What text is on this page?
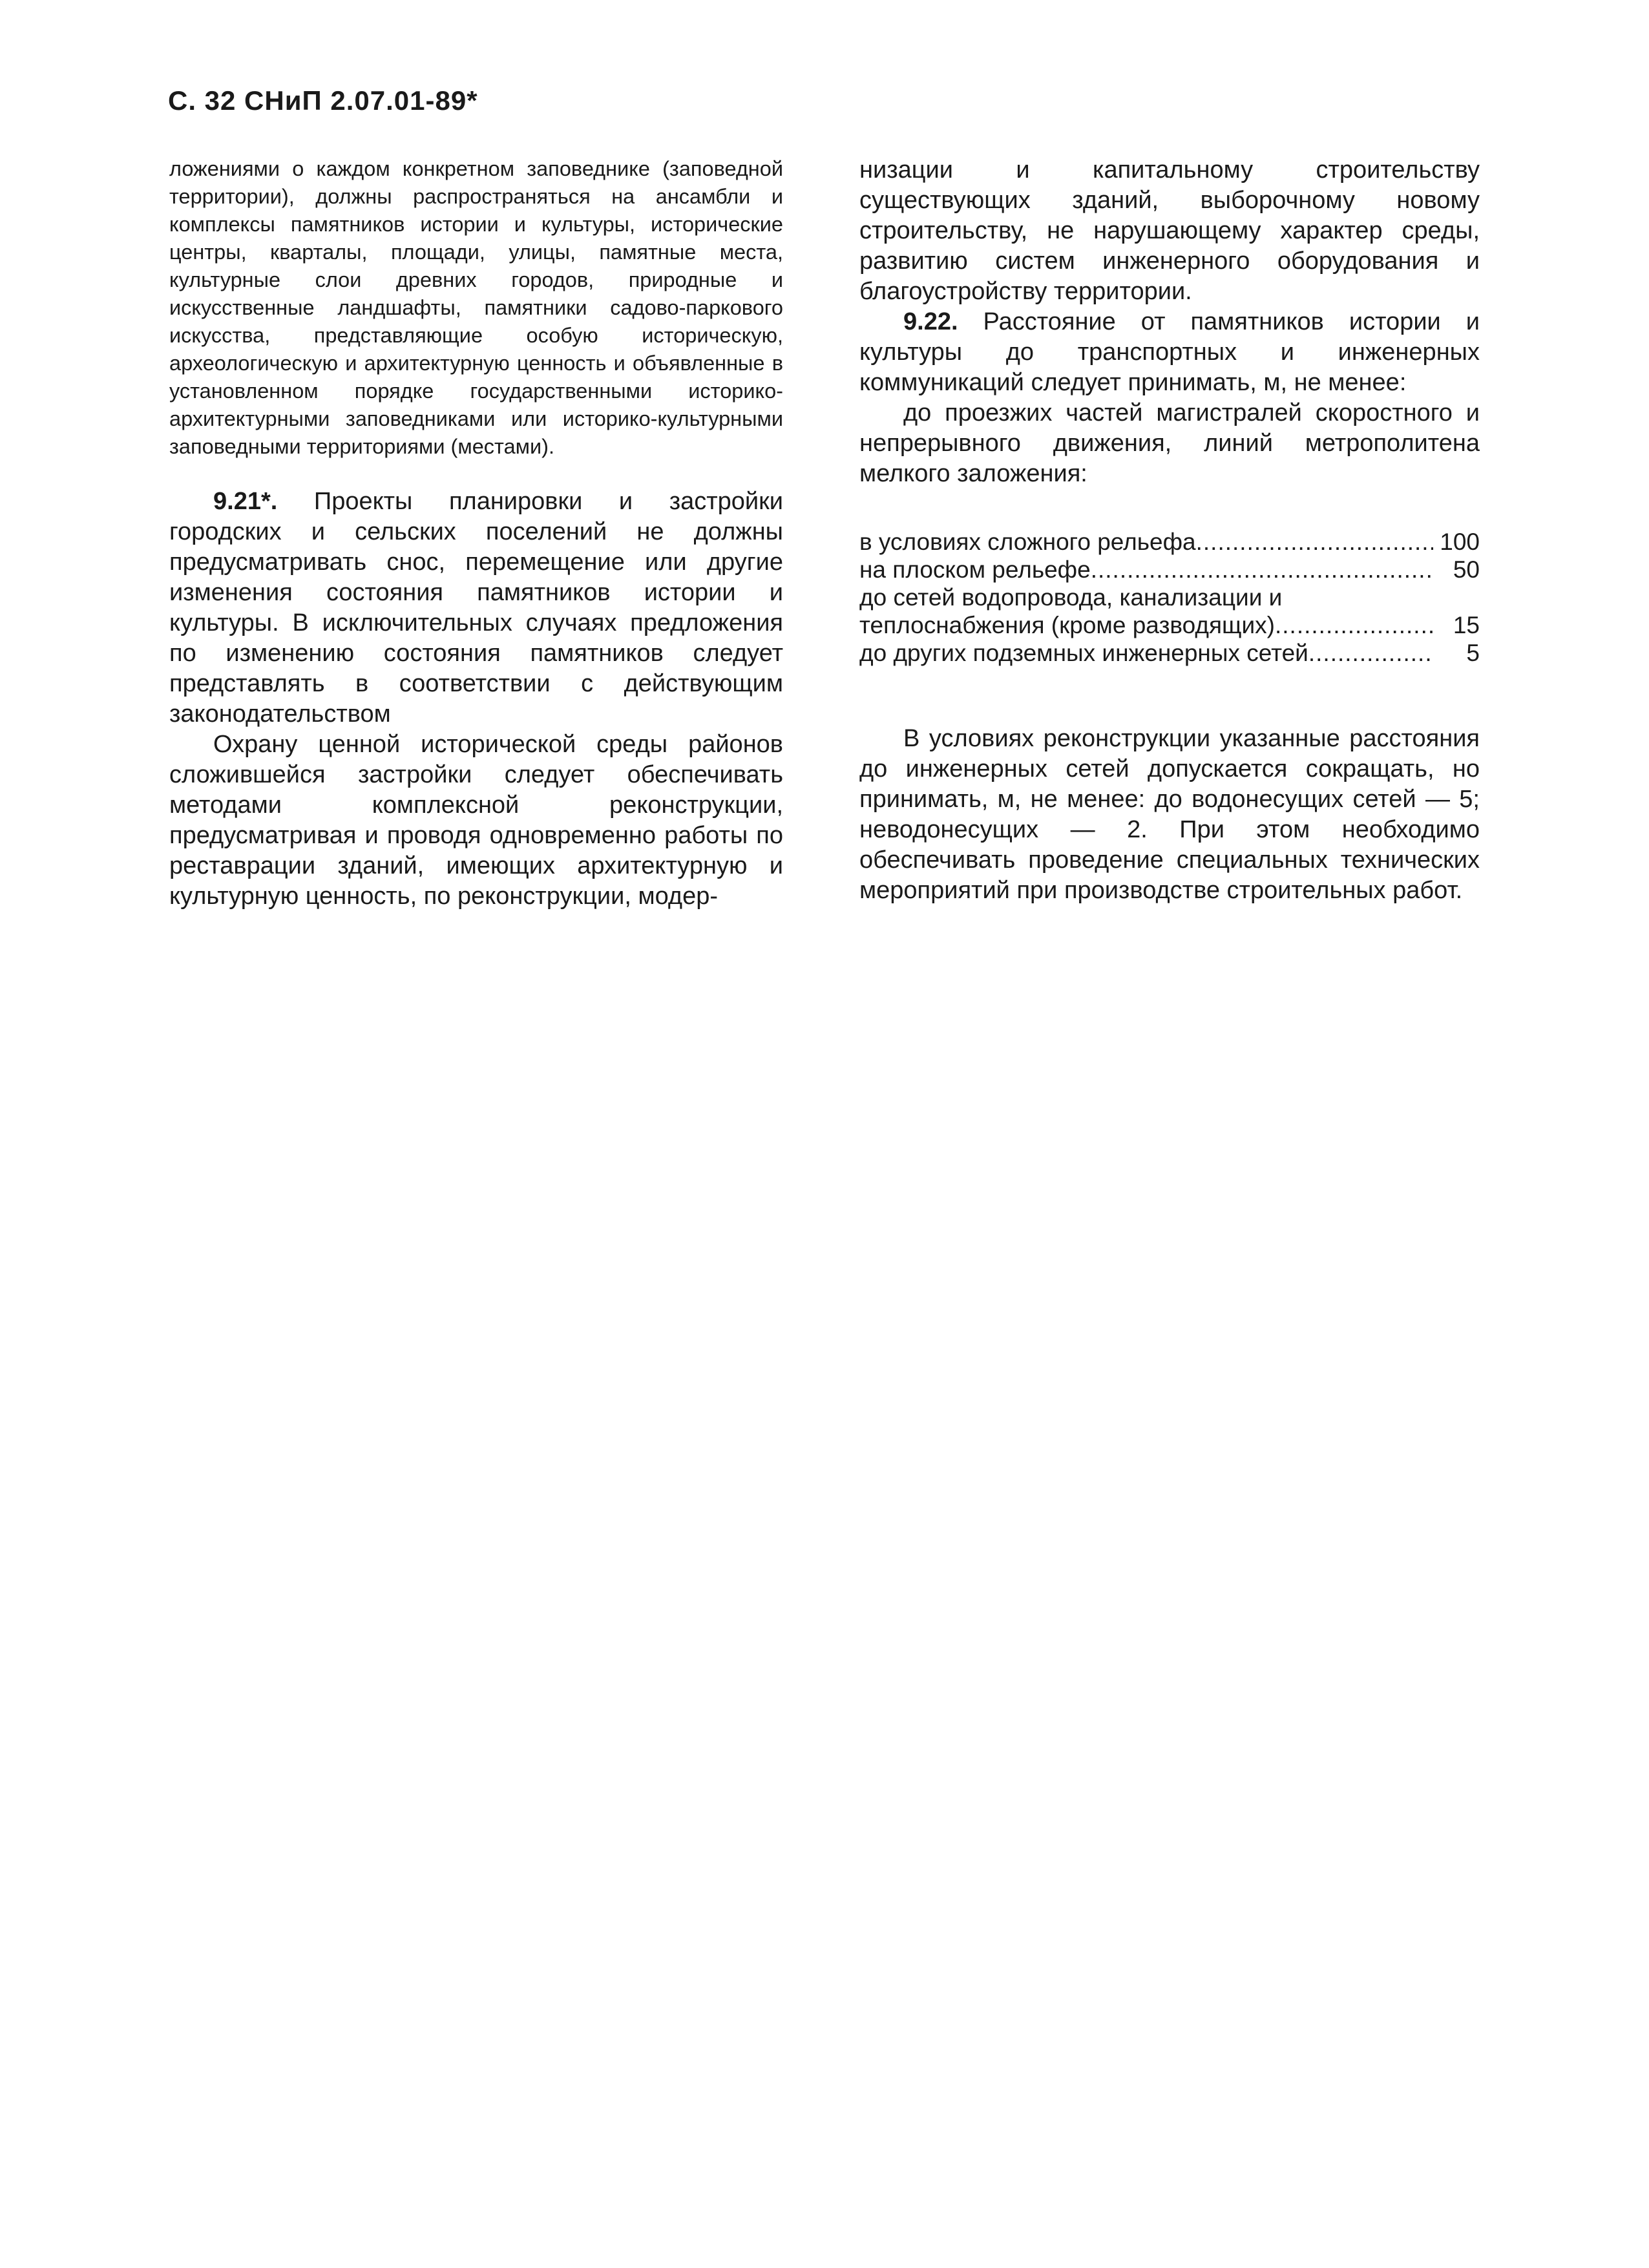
С. 32 СНиП 2.07.01-89*

ложениями о каждом конкретном заповеднике (заповедной территории), должны распространяться на ансамбли и комплексы памятников истории и культуры, исторические центры, кварталы, площади, улицы, памятные места, культурные слои древних городов, природные и искусственные ландшафты, памятники садово-паркового искусства, представляющие особую историческую, археологическую и архитектурную ценность и объявленные в установленном порядке государственными историко-архитектурными заповедниками или историко-культурными заповедными территориями (местами).

9.21*. Проекты планировки и застройки городских и сельских поселений не должны предусматривать снос, перемещение или другие изменения состояния памятников истории и культуры. В исключительных случаях предложения по изменению состояния памятников следует представлять в соответствии с действующим законодательством

Охрану ценной исторической среды районов сложившейся застройки следует обеспечивать методами комплексной реконструкции, предусматривая и проводя одновременно работы по реставрации зданий, имеющих архитектурную и культурную ценность, по реконструкции, модер-

низации и капитальному строительству существующих зданий, выборочному новому строительству, не нарушающему характер среды, развитию систем инженерного оборудования и благоустройству территории.

9.22. Расстояние от памятников истории и культуры до транспортных и инженерных коммуникаций следует принимать, м, не менее:

до проезжих частей магистралей скоростного и непрерывного движения, линий метрополитена мелкого заложения:

в условиях сложного рельефа .....	100
на плоском рельефе .....	50
до сетей водопровода, канализации и
теплоснабжения (кроме разводящих) .....	15
до других подземных инженерных сетей .....	5

В условиях реконструкции указанные расстояния до инженерных сетей допускается сокращать, но принимать, м, не менее: до водонесущих сетей — 5; неводонесущих — 2. При этом необходимо обеспечивать проведение специальных технических мероприятий при производстве строительных работ.
